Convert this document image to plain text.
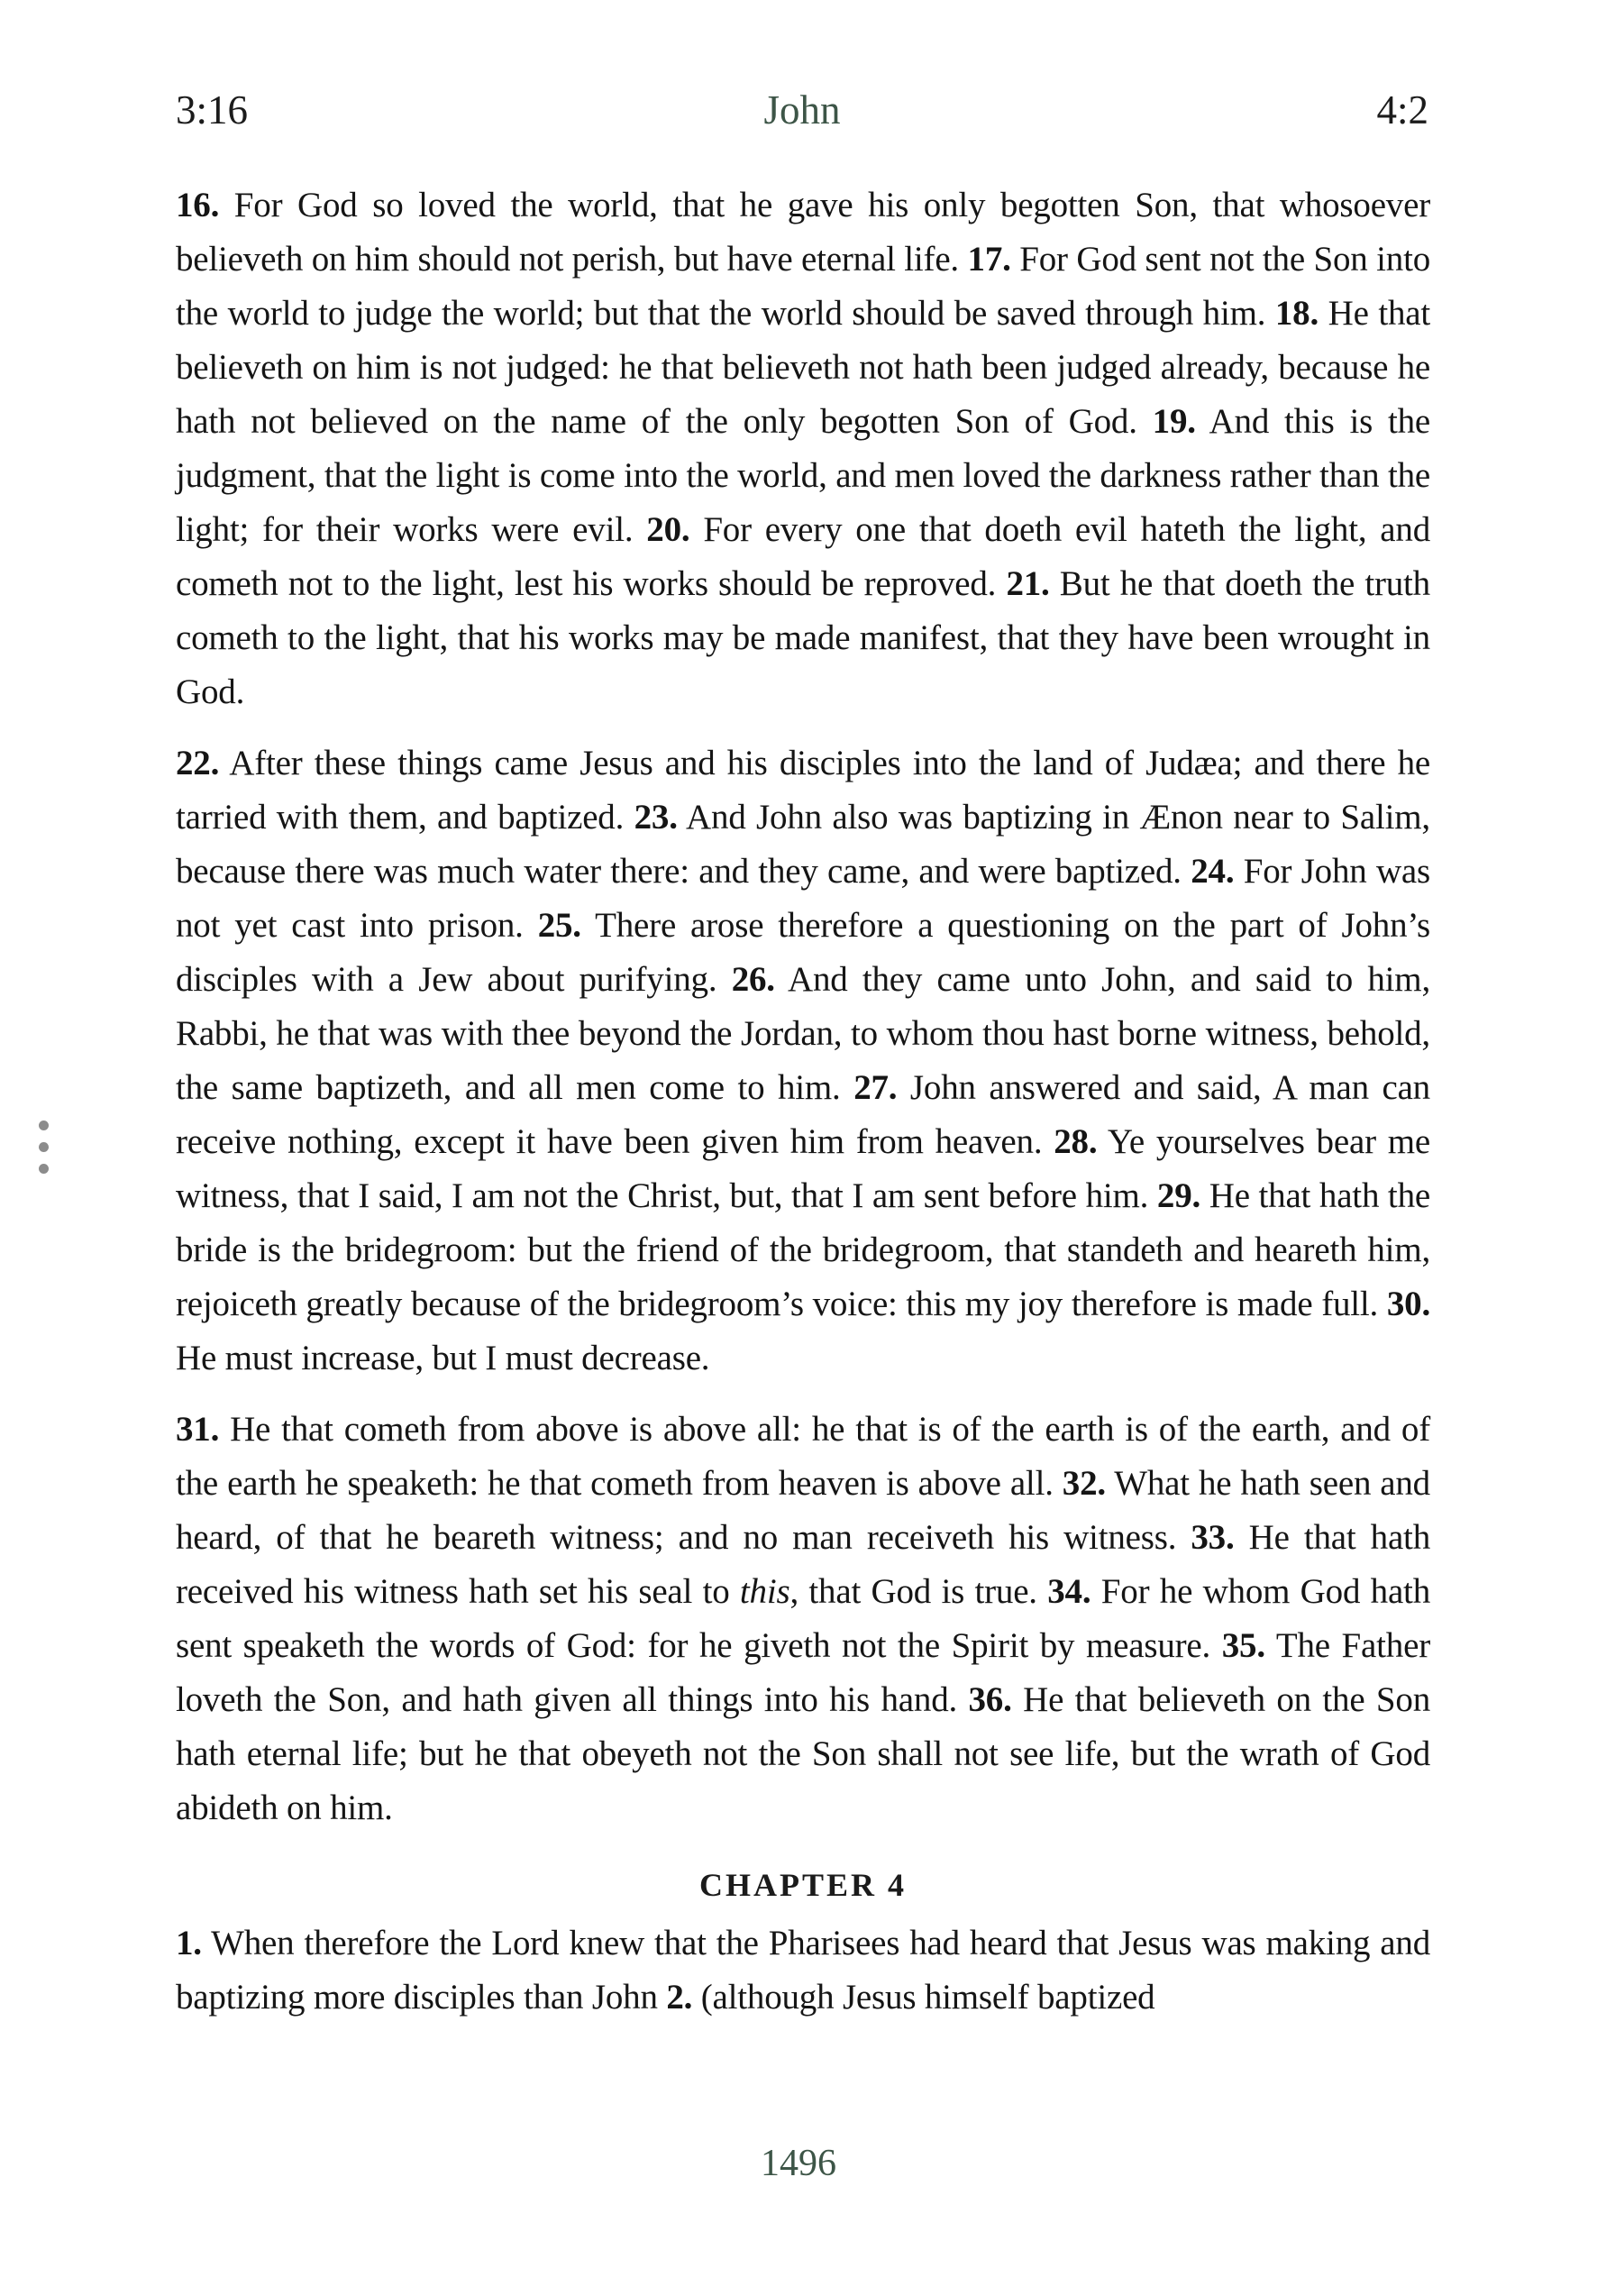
3:16	John	4:2

16. For God so loved the world, that he gave his only begotten Son, that whosoever believeth on him should not perish, but have eternal life. 17. For God sent not the Son into the world to judge the world; but that the world should be saved through him. 18. He that believeth on him is not judged: he that believeth not hath been judged already, because he hath not believed on the name of the only begotten Son of God. 19. And this is the judgment, that the light is come into the world, and men loved the darkness rather than the light; for their works were evil. 20. For every one that doeth evil hateth the light, and cometh not to the light, lest his works should be reproved. 21. But he that doeth the truth cometh to the light, that his works may be made manifest, that they have been wrought in God.

22. After these things came Jesus and his disciples into the land of Judæa; and there he tarried with them, and baptized. 23. And John also was baptizing in Ænon near to Salim, because there was much water there: and they came, and were baptized. 24. For John was not yet cast into prison. 25. There arose therefore a questioning on the part of John’s disciples with a Jew about purifying. 26. And they came unto John, and said to him, Rabbi, he that was with thee beyond the Jordan, to whom thou hast borne witness, behold, the same baptizeth, and all men come to him. 27. John answered and said, A man can receive nothing, except it have been given him from heaven. 28. Ye yourselves bear me witness, that I said, I am not the Christ, but, that I am sent before him. 29. He that hath the bride is the bridegroom: but the friend of the bridegroom, that standeth and heareth him, rejoiceth greatly because of the bridegroom’s voice: this my joy therefore is made full. 30. He must increase, but I must decrease.

31. He that cometh from above is above all: he that is of the earth is of the earth, and of the earth he speaketh: he that cometh from heaven is above all. 32. What he hath seen and heard, of that he beareth witness; and no man receiveth his witness. 33. He that hath received his witness hath set his seal to this, that God is true. 34. For he whom God hath sent speaketh the words of God: for he giveth not the Spirit by measure. 35. The Father loveth the Son, and hath given all things into his hand. 36. He that believeth on the Son hath eternal life; but he that obeyeth not the Son shall not see life, but the wrath of God abideth on him.

CHAPTER 4

1. When therefore the Lord knew that the Pharisees had heard that Jesus was making and baptizing more disciples than John 2. (although Jesus himself baptized

1496
